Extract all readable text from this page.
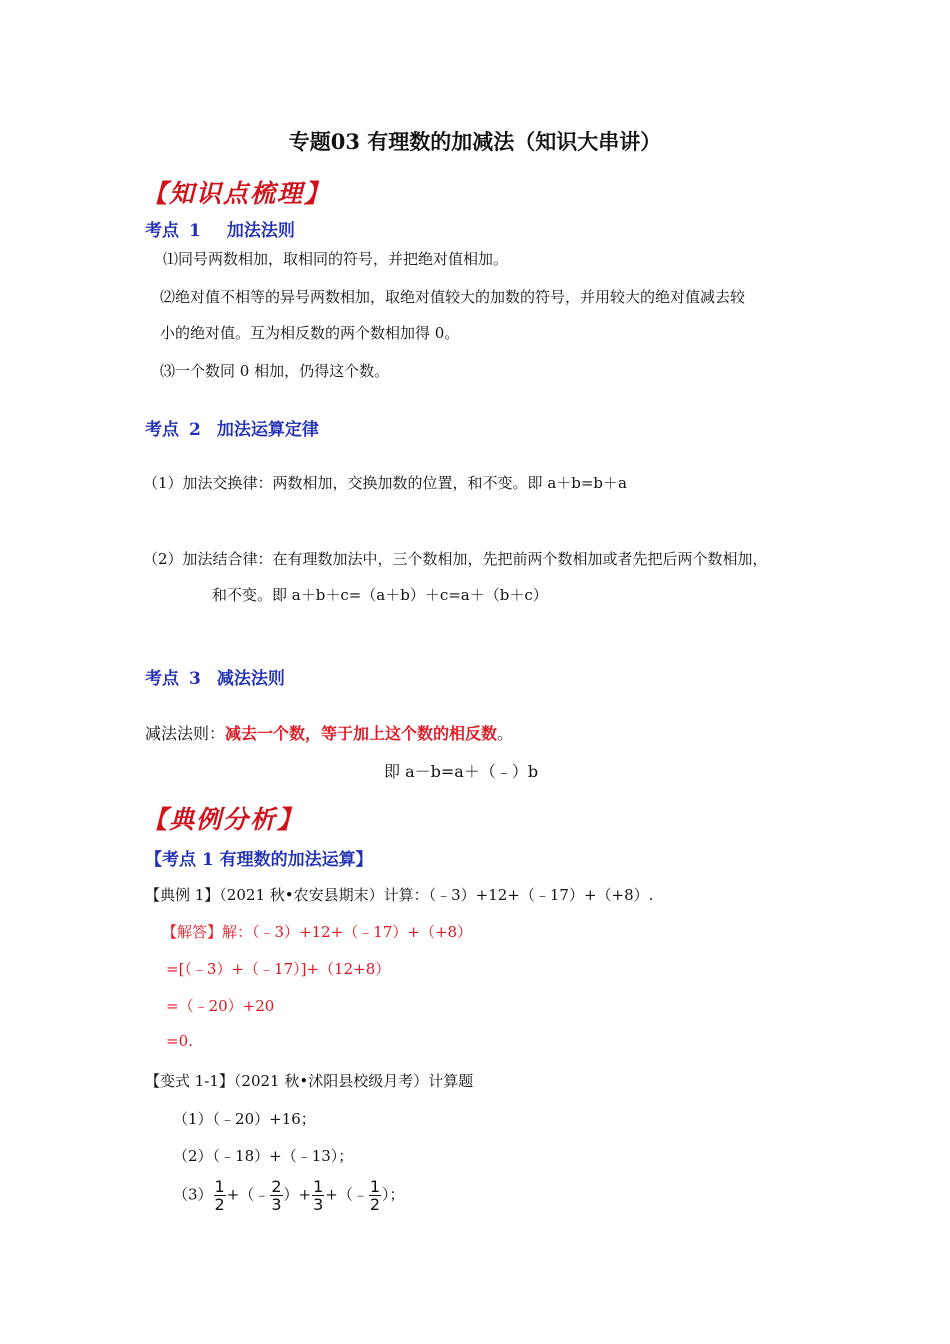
专题03 有理数的加减法（知识大串讲）
【知识点梳理】
考点 1 加法法则
⑴同号两数相加，取相同的符号，并把绝对值相加。
⑵绝对值不相等的异号两数相加，取绝对值较大的加数的符号，并用较大的绝对值减去较
小的绝对值。互为相反数的两个数相加得 0。
⑶一个数同 0 相加，仍得这个数。
考点 2 加法运算定律
（1）加法交换律：两数相加，交换加数的位置，和不变。即 a＋b=b＋a
（2）加法结合律：在有理数加法中，三个数相加，先把前两个数相加或者先把后两个数相加，
和不变。即 a＋b＋c=（a＋b）＋c=a＋（b＋c）
考点 3 减法法则
减法法则：减去一个数，等于加上这个数的相反数。
即 a－b=a＋（﹣）b
【典例分析】
【考点 1 有理数的加法运算】
【典例 1】（2021 秋•农安县期末）计算：（﹣3）+12+（﹣17）+（+8）.
【解答】解：（﹣3）+12+（﹣17）+（+8）
=[（﹣3）+（﹣17）]+（12+8）
=（﹣20）+20
=0.
【变式 1-1】（2021 秋•沭阳县校级月考）计算题
（1）（﹣20）+16；
（2）（﹣18）+（﹣13）；
$(3) \frac{1}{2}$ +（﹣ $\frac{2}{3}$ ）+ $\frac{1}{3}$ +（﹣ $\frac{1}{2}$ ）；
